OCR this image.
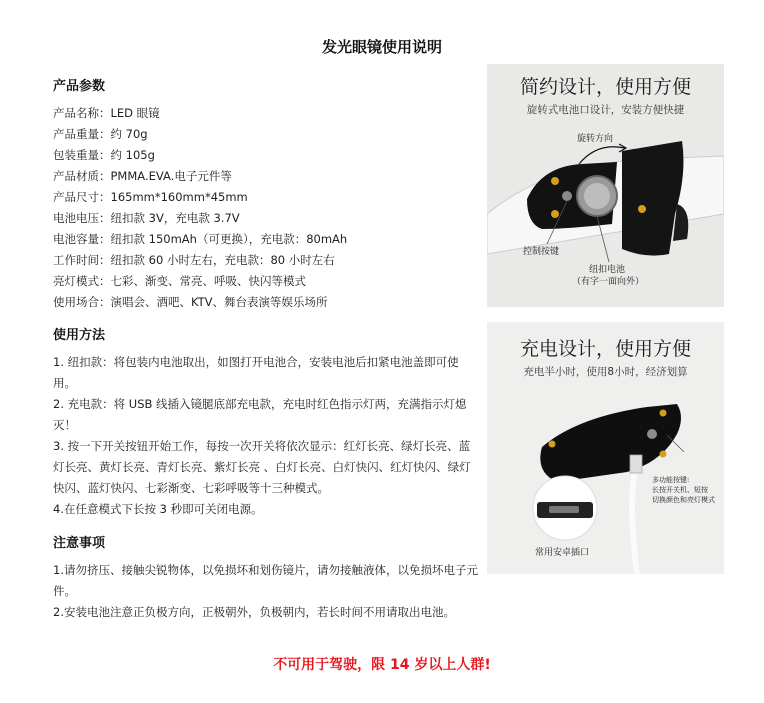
发光眼镜使用说明
产品参数
产品名称：LED 眼镜
产品重量：约 70g
包装重量：约 105g
产品材质：PMMA.EVA.电子元件等
产品尺寸：165mm*160mm*45mm
电池电压：纽扣款 3V，充电款 3.7V
电池容量：纽扣款 150mAh（可更换），充电款：80mAh
工作时间：纽扣款 60 小时左右，充电款：80 小时左右
亮灯模式：七彩、渐变、常亮、呼吸、快闪等模式
使用场合：演唱会、酒吧、KTV、舞台表演等娱乐场所
使用方法

1. 纽扣款：将包装内电池取出，如图打开电池合，安装电池后扣紧电池盖即可使用。

2. 充电款：将 USB 线插入镜腿底部充电款，充电时红色指示灯两，充满指示灯熄灭！

3. 按一下开关按钮开始工作，每按一次开关将依次显示：红灯长亮、绿灯长亮、蓝灯长亮、黄灯长亮、青灯长亮、紫灯长亮 、白灯长亮、白灯快闪、红灯快闪、绿灯快闪、蓝灯快闪、七彩渐变、七彩呼吸等十三种模式。

4.在任意模式下长按 3 秒即可关闭电源。

注意事项

1.请勿挤压、接触尖锐物体，以免损坏和划伤镜片，请勿接触液体，以免损坏电子元件。

2.安装电池注意正负极方向，正极朝外，负极朝内，若长时间不用请取出电池。

不可用于驾驶，限 14 岁以上人群!
简约设计，使用方便
旋转式电池口设计，安装方便快捷
旋转方向
控制按键
纽扣电池
（有字一面向外）
充电设计，使用方便
充电半小时，使用8小时，经济划算
多功能按键:
长按开关机、短按
切换颜色和亮灯模式
常用安卓插口
